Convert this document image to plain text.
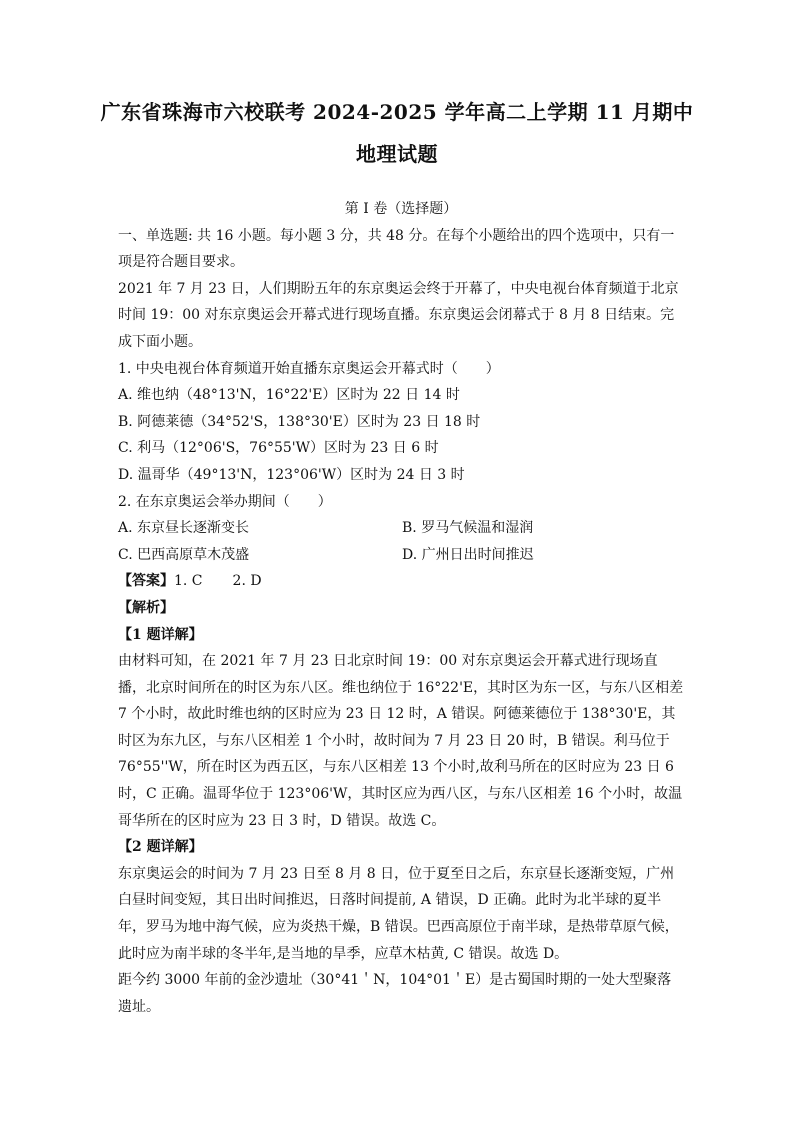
广东省珠海市六校联考 2024-2025 学年高二上学期 11 月期中
地理试题

第 I 卷（选择题）

一、单选题: 共 16 小题。每小题 3 分，共 48 分。在每个小题给出的四个选项中，只有一项是符合题目要求。

2021 年 7 月 23 日，人们期盼五年的东京奥运会终于开幕了，中央电视台体育频道于北京时间 19：00 对东京奥运会开幕式进行现场直播。东京奥运会闭幕式于 8 月 8 日结束。完成下面小题。

1. 中央电视台体育频道开始直播东京奥运会开幕式时（　　）

A. 维也纳（48°13'N，16°22'E）区时为 22 日 14 时

B. 阿德莱德（34°52'S，138°30'E）区时为 23 日 18 时

C. 利马（12°06'S，76°55'W）区时为 23 日 6 时

D. 温哥华（49°13'N，123°06'W）区时为 24 日 3 时

2. 在东京奥运会举办期间（　　）

A. 东京昼长逐渐变长	B. 罗马气候温和湿润
C. 巴西高原草木茂盛	D. 广州日出时间推迟

【答案】1. C 2. D

【解析】

【1 题详解】

由材料可知，在 2021 年 7 月 23 日北京时间 19：00 对东京奥运会开幕式进行现场直播，北京时间所在的时区为东八区。维也纳位于 16°22'E，其时区为东一区，与东八区相差 7 个小时，故此时维也纳的区时应为 23 日 12 时，A 错误。阿德莱德位于 138°30'E，其时区为东九区，与东八区相差 1 个小时，故时间为 7 月 23 日 20 时，B 错误。利马位于 76°55''W，所在时区为西五区，与东八区相差 13 个小时,故利马所在的区时应为 23 日 6 时，C 正确。温哥华位于 123°06'W，其时区应为西八区，与东八区相差 16 个小时，故温哥华所在的区时应为 23 日 3 时，D 错误。故选 C。

【2 题详解】

东京奥运会的时间为 7 月 23 日至 8 月 8 日，位于夏至日之后，东京昼长逐渐变短，广州白昼时间变短，其日出时间推迟，日落时间提前, A 错误，D 正确。此时为北半球的夏半年，罗马为地中海气候，应为炎热干燥，B 错误。巴西高原位于南半球，是热带草原气候，此时应为南半球的冬半年,是当地的旱季，应草木枯黄, C 错误。故选 D。

距今约 3000 年前的金沙遗址（30°41＇N，104°01＇E）是古蜀国时期的一处大型聚落遗址。
